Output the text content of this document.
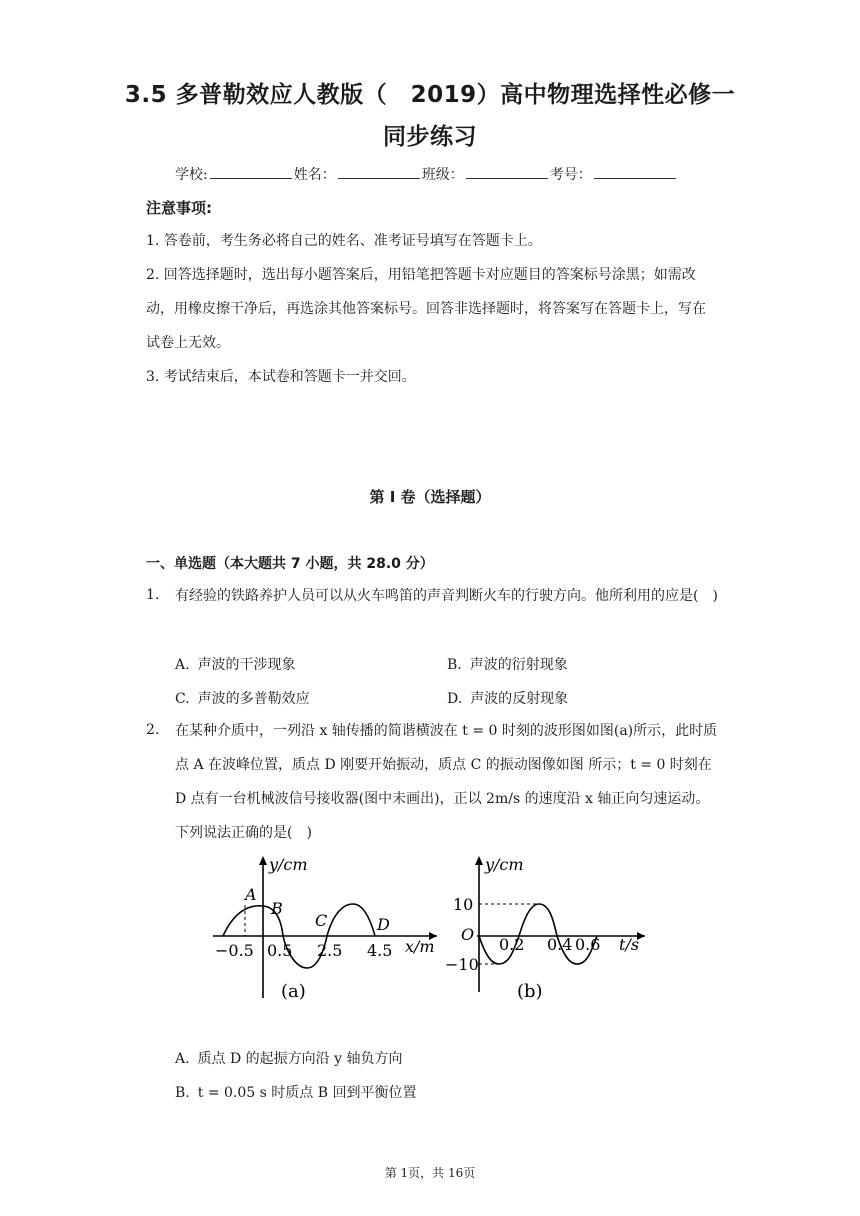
3.5 多普勒效应人教版（　2019）高中物理选择性必修一
同步练习
学校:	姓名：	班级：	考号：
注意事项:
1. 答卷前，考生务必将自己的姓名、准考证号填写在答题卡上。
2. 回答选择题时，选出每小题答案后，用铅笔把答题卡对应题目的答案标号涂黑；如需改动，用橡皮擦干净后，再选涂其他答案标号。回答非选择题时，将答案写在答题卡上，写在试卷上无效。
3. 考试结束后，本试卷和答题卡一并交回。
第 I 卷（选择题）
一、单选题（本大题共 7 小题，共 28.0 分）
1. 有经验的铁路养护人员可以从火车鸣笛的声音判断火车的行驶方向。他所利用的应是(　)
A. 声波的干涉现象	B. 声波的衍射现象
C. 声波的多普勒效应	D. 声波的反射现象
2. 在某种介质中，一列沿 x 轴传播的简谐横波在 t = 0 时刻的波形图如图(a)所示，此时质点 A 在波峰位置，质点 D 刚要开始振动，质点 C 的振动图像如图 所示；t = 0 时刻在 D 点有一台机械波信号接收器(图中未画出)，正以 2m/s 的速度沿 x 轴正向匀速运动。下列说法正确的是(　)
y/cm
A
B
C	D
−0.5 0.5 2.5 4.5 x/m
(a)
y/cm
10
O
−10
0.2 0.4 0.6 t/s
(b)
A. 质点 D 的起振方向沿 y 轴负方向
B. t = 0.05 s 时质点 B 回到平衡位置
第 1页，共 16页
